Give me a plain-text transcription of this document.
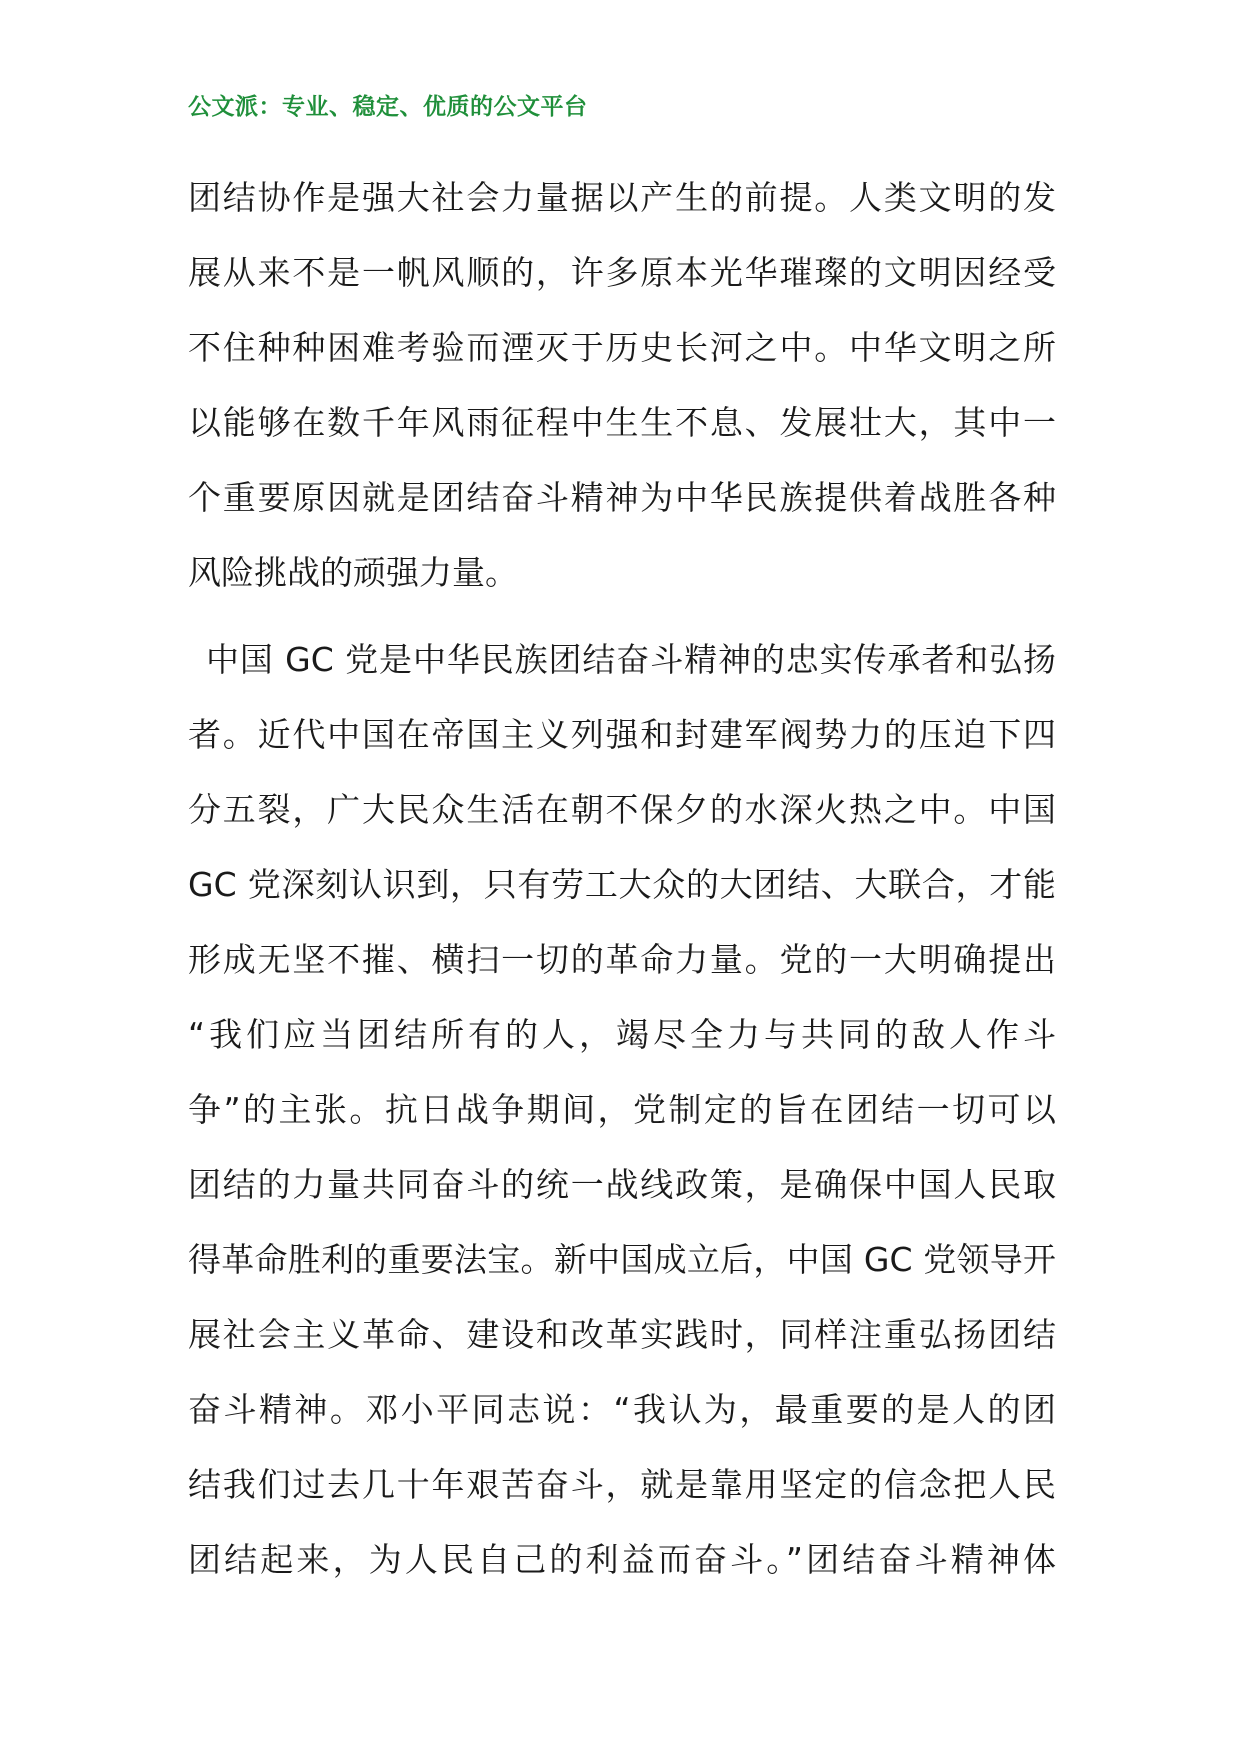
公文派：专业、稳定、优质的公文平台

团结协作是强大社会力量据以产生的前提。人类文明的发
展从来不是一帆风顺的，许多原本光华璀璨的文明因经受
不住种种困难考验而湮灭于历史长河之中。中华文明之所
以能够在数千年风雨征程中生生不息、发展壮大，其中一
个重要原因就是团结奋斗精神为中华民族提供着战胜各种
风险挑战的顽强力量。

中国 GC 党是中华民族团结奋斗精神的忠实传承者和弘扬
者。近代中国在帝国主义列强和封建军阀势力的压迫下四
分五裂，广大民众生活在朝不保夕的水深火热之中。中国
GC 党深刻认识到，只有劳工大众的大团结、大联合，才能
形成无坚不摧、横扫一切的革命力量。党的一大明确提出
“我们应当团结所有的人，竭尽全力与共同的敌人作斗
争”的主张。抗日战争期间，党制定的旨在团结一切可以
团结的力量共同奋斗的统一战线政策，是确保中国人民取
得革命胜利的重要法宝。新中国成立后，中国 GC 党领导开
展社会主义革命、建设和改革实践时，同样注重弘扬团结
奋斗精神。邓小平同志说：“我认为，最重要的是人的团
结我们过去几十年艰苦奋斗，就是靠用坚定的信念把人民
团结起来，为人民自己的利益而奋斗。”团结奋斗精神体
